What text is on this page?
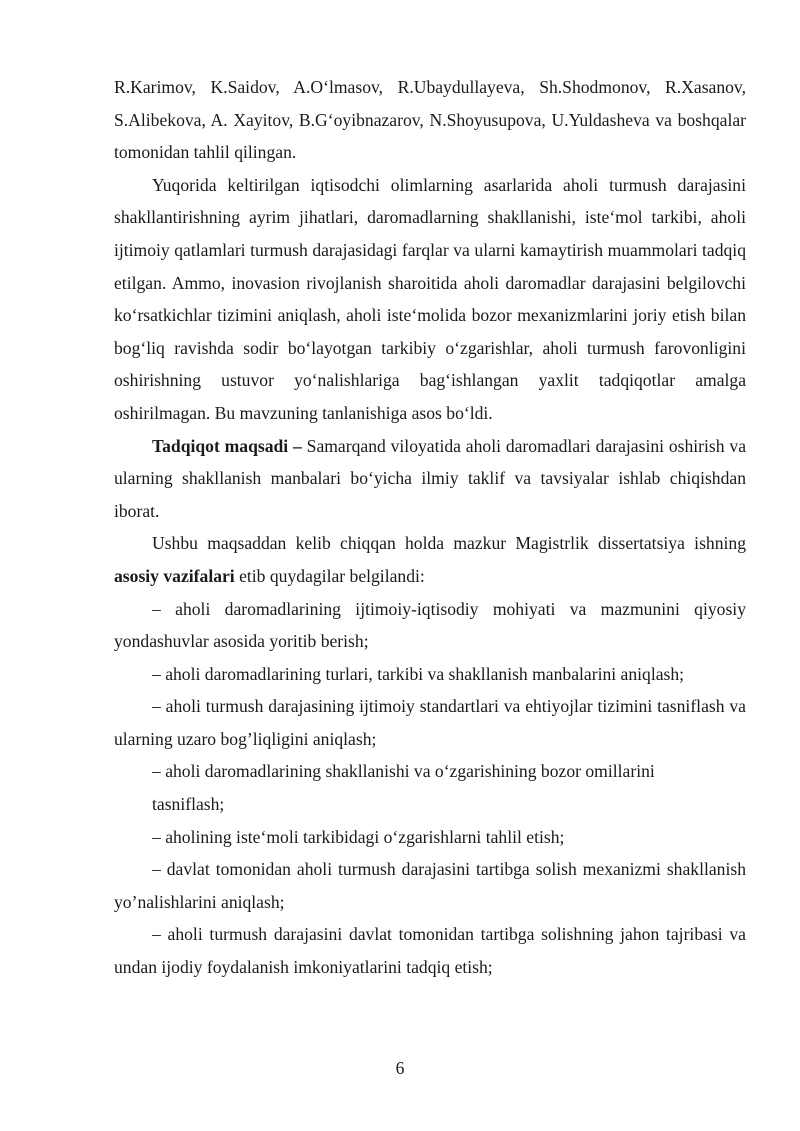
R.Karimov, K.Saidov, A.O‘lmasov, R.Ubaydullayeva, Sh.Shodmonov, R.Xasanov, S.Alibekova, A. Xayitov, B.G‘oyibnazarov, N.Shoyusupova, U.Yuldasheva va boshqalar tomonidan tahlil qilingan.

Yuqorida keltirilgan iqtisodchi olimlarning asarlarida aholi turmush darajasini shakllantirishning ayrim jihatlari, daromadlarning shakllanishi, iste‘mol tarkibi, aholi ijtimoiy qatlamlari turmush darajasidagi farqlar va ularni kamaytirish muammolari tadqiq etilgan. Ammo, inovasion rivojlanish sharoitida aholi daromadlar darajasini belgilovchi ko‘rsatkichlar tizimini aniqlash, aholi iste‘molida bozor mexanizmlarini joriy etish bilan bog‘liq ravishda sodir bo‘layotgan tarkibiy o‘zgarishlar, aholi turmush farovonligini oshirishning ustuvor yo‘nalishlariga bag‘ishlangan yaxlit tadqiqotlar amalga oshirilmagan. Bu mavzuning tanlanishiga asos bo‘ldi.

Tadqiqot maqsadi – Samarqand viloyatida aholi daromadlari darajasini oshirish va ularning shakllanish manbalari bo‘yicha ilmiy taklif va tavsiyalar ishlab chiqishdan iborat.

Ushbu maqsaddan kelib chiqqan holda mazkur Magistrlik dissertatsiya ishning asosiy vazifalari etib quydagilar belgilandi:

– aholi daromadlarining ijtimoiy-iqtisodiy mohiyati va mazmunini qiyosiy yondashuvlar asosida yoritib berish;

– aholi daromadlarining turlari, tarkibi va shakllanish manbalarini aniqlash;

– aholi turmush darajasining ijtimoiy standartlari va ehtiyojlar tizimini tasniflash va ularning uzaro bog’liqligini aniqlash;

– aholi daromadlarining shakllanishi va o‘zgarishining bozor omillarini

tasniflash;

– aholining iste‘moli tarkibidagi o‘zgarishlarni tahlil etish;

– davlat tomonidan aholi turmush darajasini tartibga solish mexanizmi shakllanish yo’nalishlarini aniqlash;

– aholi turmush darajasini davlat tomonidan tartibga solishning jahon tajribasi va undan ijodiy foydalanish imkoniyatlarini tadqiq etish;

6
